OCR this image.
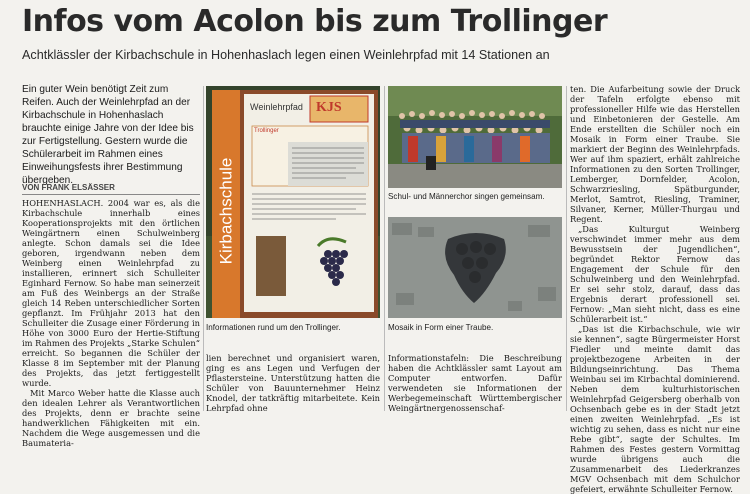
Infos vom Acolon bis zum Trollinger
Achtklässler der Kirbachschule in Hohenhaslach legen einen Weinlehrpfad mit 14 Stationen an
Ein guter Wein benötigt Zeit zum Reifen. Auch der Weinlehrpfad an der Kirbachschule in Hohenhaslach brauchte einige Jahre von der Idee bis zur Fertigstellung. Gestern wurde die Schülerarbeit im Rahmen eines Einweihungsfests ihrer Bestimmung übergeben.
VON FRANK ELSÄSSER

HOHENHASLACH. 2004 war es, als die Kirbachschule innerhalb eines Kooperationsprojekts mit den örtlichen Weingärtnern einen Schulweinberg anlegte. Schon damals sei die Idee geboren, irgendwann neben dem Weinberg einen Weinlehrpfad zu installieren, erinnert sich Schulleiter Eginhard Fernow. So habe man seinerzeit am Fuß des Weinbergs an der Straße gleich 14 Reben unterschiedlicher Sorten gepflanzt. Im Frühjahr 2013 hat den Schulleiter die Zusage einer Förderung in Höhe von 3000 Euro der Hertie-Stiftung im Rahmen des Projekts „Starke Schulen“ erreicht. So begannen die Schüler der Klasse 8 im September mit der Planung des Projekts, das jetzt fertiggestellt wurde.

Mit Marco Weber hatte die Klasse auch den idealen Lehrer als Verantwortlichen des Projekts, denn er brachte seine handwerklichen Fähigkeiten mit ein. Nachdem die Wege ausgemessen und die Baumateria-

Kirbachschule
Weinlehrpfad KJS
Trollinger
Informationen rund um den Trollinger.

lien berechnet und organisiert waren, ging es ans Legen und Verfugen der Pflastersteine. Unterstützung hatten die Schüler von Bauunternehmer Heinz Knodel, der tatkräftig mitarbeitete. Kein Lehrpfad ohne

Schul- und Männerchor singen gemeinsam.
Mosaik in Form einer Traube.

Informationstafeln: Die Beschreibung haben die Achtklässler samt Layout am Computer entworfen. Dafür verwendeten sie Informationen der Werbegemeinschaft Württembergischer Weingärtnergenossenschaf-

ten. Die Aufarbeitung sowie der Druck der Tafeln erfolgte ebenso mit professioneller Hilfe wie das Herstellen und Einbetonieren der Gestelle. Am Ende erstellten die Schüler noch ein Mosaik in Form einer Traube. Sie markiert der Beginn des Weinlehrpfads. Wer auf ihm spaziert, erhält zahlreiche Informationen zu den Sorten Trollinger, Lemberger, Dornfelder, Acolon, Schwarzriesling, Spätburgunder, Merlot, Samtrot, Riesling, Traminer, Silvaner, Kerner, Müller-Thurgau und Regent.

„Das Kulturgut Weinberg verschwindet immer mehr aus dem Bewusstsein der Jugendlichen“, begründet Rektor Fernow das Engagement der Schule für den Schulweinberg und den Weinlehrpfad. Er sei sehr stolz, darauf, dass das Ergebnis derart professionell sei. Fernow: „Man sieht nicht, dass es eine Schülerarbeit ist.“

„Das ist die Kirbachschule, wie wir sie kennen“, sagte Bürgermeister Horst Fiedler und meinte damit das projektbezogene Arbeiten in der Bildungseinrichtung. Das Thema Weinbau sei im Kirbachtal dominierend. Neben dem kulturhistorischen Weinlehrpfad Geigersberg oberhalb von Ochsenbach gebe es in der Stadt jetzt einen zweiten Weinlehrpfad. „Es ist wichtig zu sehen, dass es nicht nur eine Rebe gibt“, sagte der Schultes. Im Rahmen des Festes gestern Vormittag wurde übrigens auch die Zusammenarbeit des Liederkranzes MGV Ochsenbach mit dem Schulchor gefeiert, erwähnte Schulleiter Fernow.
